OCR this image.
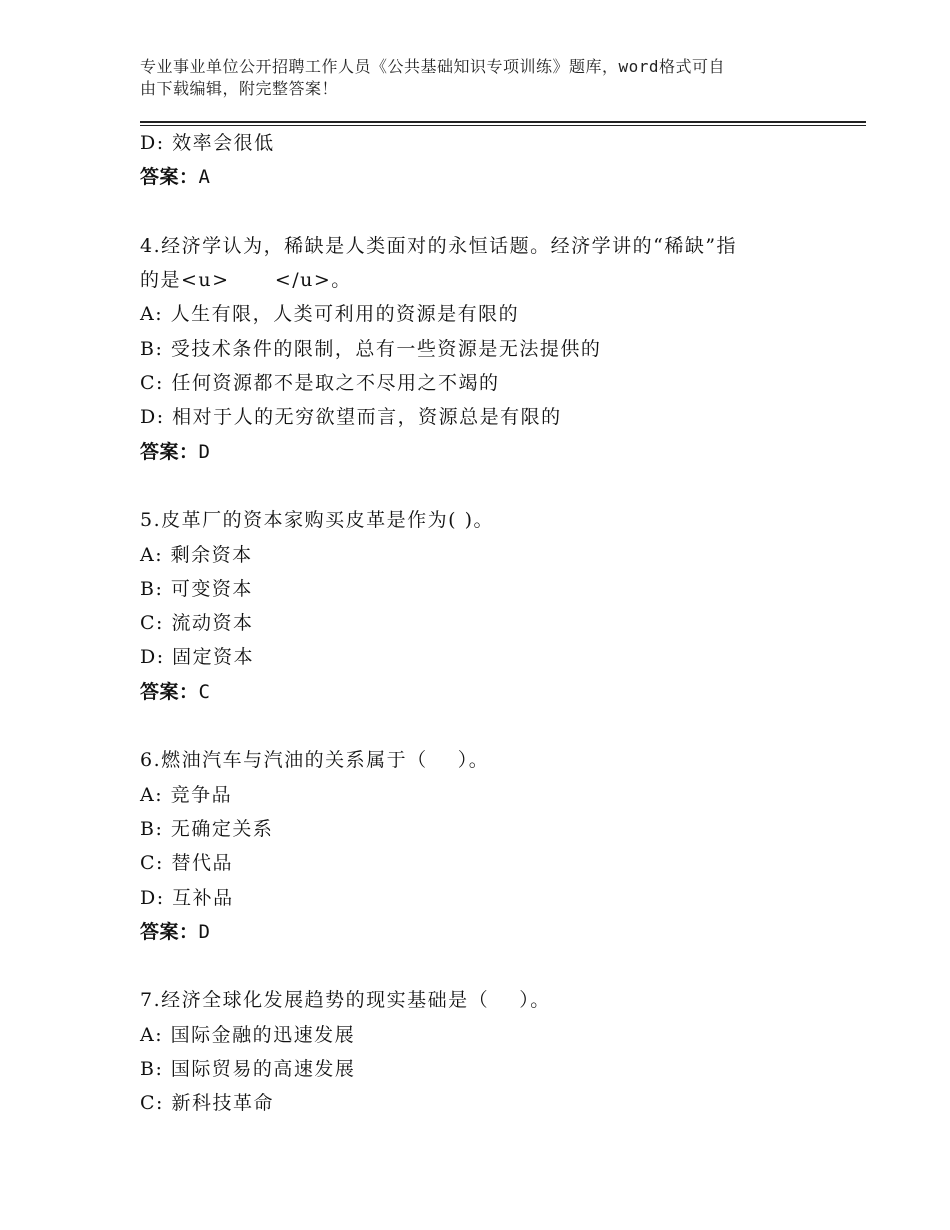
专业事业单位公开招聘工作人员《公共基础知识专项训练》题库，word格式可自
由下载编辑，附完整答案！
D: 效率会很低
答案：A
4.经济学认为，稀缺是人类面对的永恒话题。经济学讲的“稀缺”指
的是<u>      </u>。
A: 人生有限，人类可利用的资源是有限的
B: 受技术条件的限制，总有一些资源是无法提供的
C: 任何资源都不是取之不尽用之不竭的
D: 相对于人的无穷欲望而言，资源总是有限的
答案：D
5.皮革厂的资本家购买皮革是作为( )。
A: 剩余资本
B: 可变资本
C: 流动资本
D: 固定资本
答案：C
6.燃油汽车与汽油的关系属于（    ）。
A: 竞争品
B: 无确定关系
C: 替代品
D: 互补品
答案：D
7.经济全球化发展趋势的现实基础是（    ）。
A: 国际金融的迅速发展
B: 国际贸易的高速发展
C: 新科技革命
